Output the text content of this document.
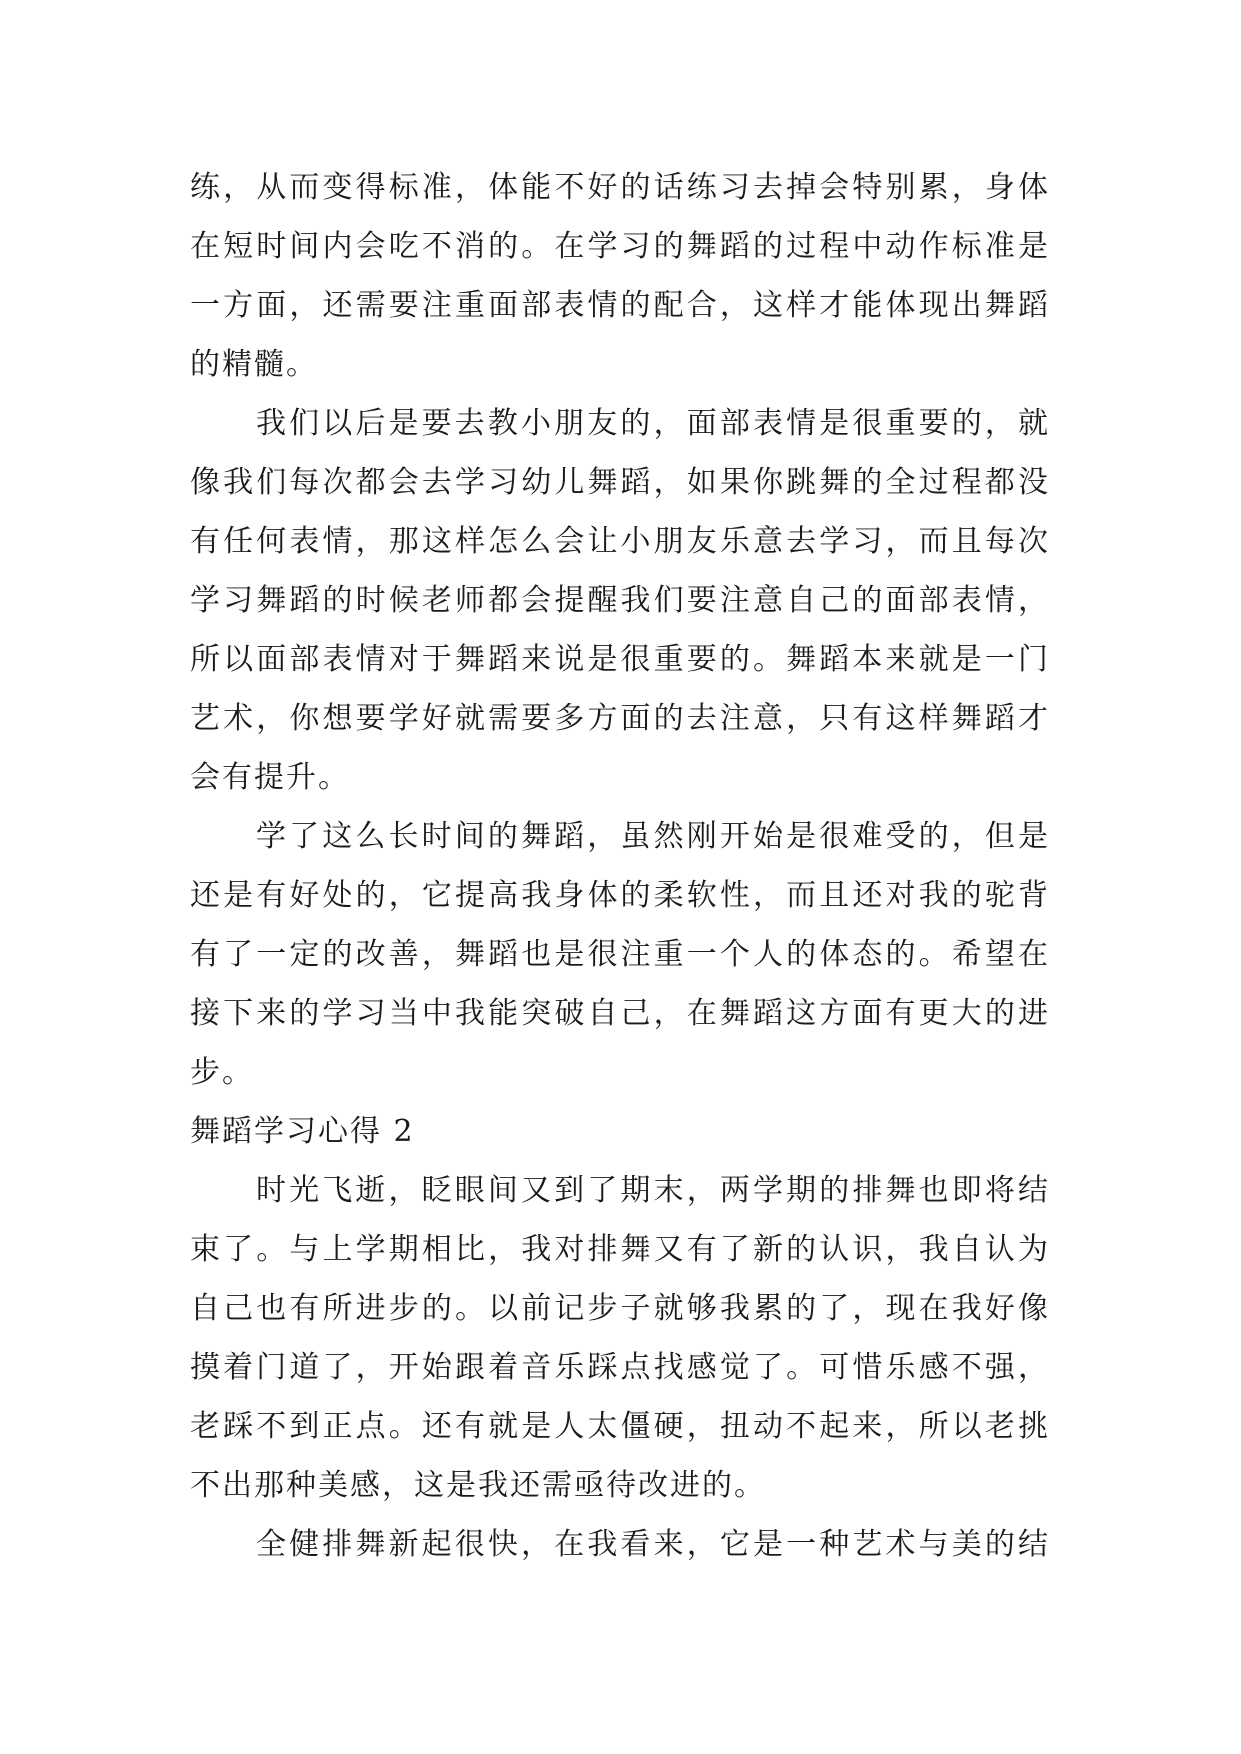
练，从而变得标准，体能不好的话练习去掉会特别累，身体
在短时间内会吃不消的。在学习的舞蹈的过程中动作标准是
一方面，还需要注重面部表情的配合，这样才能体现出舞蹈
的精髓。
我们以后是要去教小朋友的，面部表情是很重要的，就
像我们每次都会去学习幼儿舞蹈，如果你跳舞的全过程都没
有任何表情，那这样怎么会让小朋友乐意去学习，而且每次
学习舞蹈的时候老师都会提醒我们要注意自己的面部表情，
所以面部表情对于舞蹈来说是很重要的。舞蹈本来就是一门
艺术，你想要学好就需要多方面的去注意，只有这样舞蹈才
会有提升。
学了这么长时间的舞蹈，虽然刚开始是很难受的，但是
还是有好处的，它提高我身体的柔软性，而且还对我的驼背
有了一定的改善，舞蹈也是很注重一个人的体态的。希望在
接下来的学习当中我能突破自己，在舞蹈这方面有更大的进
步。
舞蹈学习心得 2
时光飞逝，眨眼间又到了期末，两学期的排舞也即将结
束了。与上学期相比，我对排舞又有了新的认识，我自认为
自己也有所进步的。以前记步子就够我累的了，现在我好像
摸着门道了，开始跟着音乐踩点找感觉了。可惜乐感不强，
老踩不到正点。还有就是人太僵硬，扭动不起来，所以老挑
不出那种美感，这是我还需亟待改进的。
全健排舞新起很快，在我看来，它是一种艺术与美的结
